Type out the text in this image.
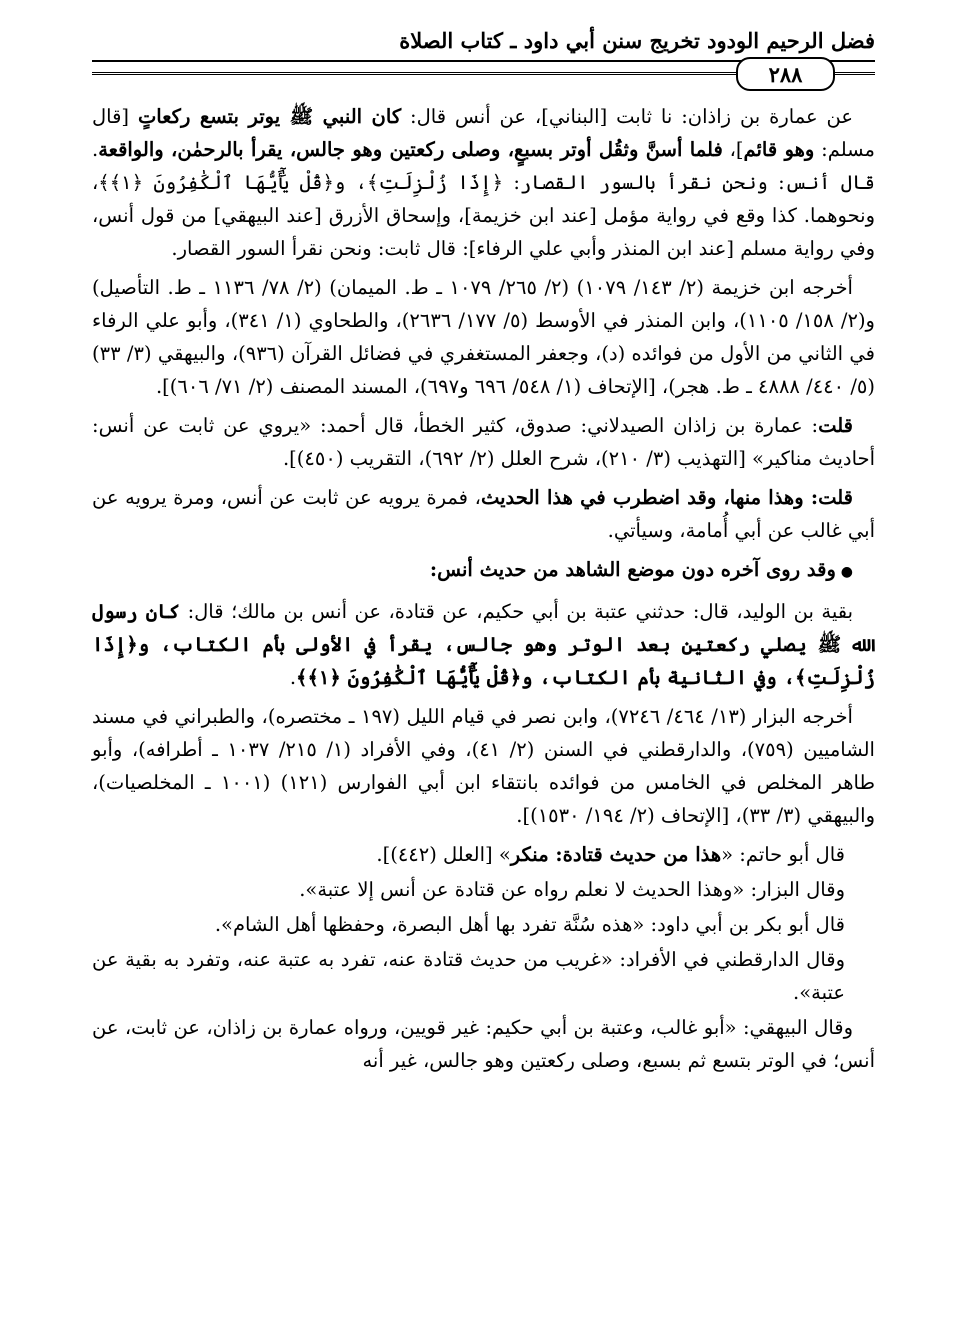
فضل الرحيم الودود تخريج سنن أبي داود ـ كتاب الصلاة
٢٨٨

عن عمارة بن زاذان: نا ثابت [البناني]، عن أنس قال: كان النبي ﷺ يوتر بتسع ركعاتٍ [قال مسلم: وهو قائم]، فلما أسنَّ وثقُل أوتر بسبعٍ، وصلى ركعتين وهو جالس، يقرأ بالرحمٰن، والواقعة. قال أنس: ونحن نقرأ بالسور القصار: ﴿إِذَا زُلْزِلَتِ﴾، و﴿قُلْ يَٰٓأَيُّهَا ٱلْكَٰفِرُونَ ﴿١﴾﴾، ونحوهما. كذا وقع في رواية مؤمل [عند ابن خزيمة]، وإسحاق الأزرق [عند البيهقي] من قول أنس، وفي رواية مسلم [عند ابن المنذر وأبي علي الرفاء]: قال ثابت: ونحن نقرأ السور القصار.

أخرجه ابن خزيمة (٢/ ١٤٣/ ١٠٧٩) (٢/ ٢٦٥/ ١٠٧٩ ـ ط. الميمان) (٢/ ٧٨/ ١١٣٦ ـ ط. التأصيل) و(٢/ ١٥٨/ ١١٠٥)، وابن المنذر في الأوسط (٥/ ١٧٧/ ٢٦٣٦)، والطحاوي (١/ ٣٤١)، وأبو علي الرفاء في الثاني من الأول من فوائده (د)، وجعفر المستغفري في فضائل القرآن (٩٣٦)، والبيهقي (٣/ ٣٣) (٥/ ٤٤٠/ ٤٨٨٨ ـ ط. هجر)، [الإتحاف (١/ ٥٤٨/ ٦٩٦ و٦٩٧)، المسند المصنف (٢/ ٧١/ ٦٠٦)].

قلت: عمارة بن زاذان الصيدلاني: صدوق، كثير الخطأ، قال أحمد: «يروي عن ثابت عن أنس: أحاديث مناكير» [التهذيب (٣/ ٢١٠)، شرح العلل (٢/ ٦٩٢)، التقريب (٤٥٠)].

قلت: وهذا منها، وقد اضطرب في هذا الحديث، فمرة يرويه عن ثابت عن أنس، ومرة يرويه عن أبي غالب عن أبي أُمامة، وسيأتي.

● وقد روى آخره دون موضع الشاهد من حديث أنس:

بقية بن الوليد، قال: حدثني عتبة بن أبي حكيم، عن قتادة، عن أنس بن مالك؛ قال: كان رسول الله ﷺ يصلي ركعتين بعد الوتر وهو جالس، يقرأ في الأولى بأم الكتاب، و﴿إِذَا زُلْزِلَتِ﴾، وفي الثانية بأم الكتاب، و﴿قُلْ يَٰٓأَيُّهَا ٱلْكَٰفِرُونَ ﴿١﴾﴾.

أخرجه البزار (١٣/ ٤٦٤/ ٧٢٤٦)، وابن نصر في قيام الليل (١٩٧ ـ مختصره)، والطبراني في مسند الشاميين (٧٥٩)، والدارقطني في السنن (٢/ ٤١)، وفي الأفراد (١/ ٢١٥/ ١٠٣٧ ـ أطرافه)، وأبو طاهر المخلص في الخامس من فوائده بانتقاء ابن أبي الفوارس (١٢١) (١٠٠١ ـ المخلصيات)، والبيهقي (٣/ ٣٣)، [الإتحاف (٢/ ١٩٤/ ١٥٣٠)].

قال أبو حاتم: «هذا من حديث قتادة: منكر» [العلل (٤٤٢)].

وقال البزار: «وهذا الحديث لا نعلم رواه عن قتادة عن أنس إلا عتبة».

قال أبو بكر بن أبي داود: «هذه سُنَّة تفرد بها أهل البصرة، وحفظها أهل الشام».

وقال الدارقطني في الأفراد: «غريب من حديث قتادة عنه، تفرد به عتبة عنه، وتفرد به بقية عن عتبة».

وقال البيهقي: «أبو غالب، وعتبة بن أبي حكيم: غير قويين، ورواه عمارة بن زاذان، عن ثابت، عن أنس؛ في الوتر بتسع ثم بسبع، وصلى ركعتين وهو جالس، غير أنه
